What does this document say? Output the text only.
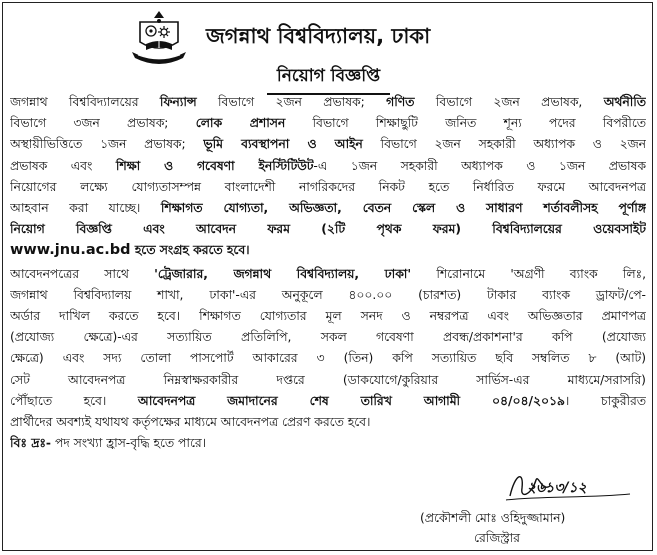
জগন্নাথ বিশ্ববিদ্যালয়, ঢাকা
নিয়োগ বিজ্ঞপ্তি
জগন্নাথ বিশ্ববিদ্যালয়ের ফিন্যান্স বিভাগে ২জন প্রভাষক; গণিত বিভাগে ২জন প্রভাষক, অর্থনীতি
বিভাগে ৩জন প্রভাষক; লোক প্রশাসন বিভাগে শিক্ষাছুটি জনিত শূন্য পদের বিপরীতে
অস্থায়ীভিত্তিতে ১জন প্রভাষক; ভূমি ব্যবস্থাপনা ও আইন বিভাগে ২জন সহকারী অধ্যাপক ও ২জন
প্রভাষক এবং শিক্ষা ও গবেষণা ইনস্টিটিউট-এ ১জন সহকারী অধ্যাপক ও ১জন প্রভাষক
নিয়োগের লক্ষ্যে যোগ্যতাসম্পন্ন বাংলাদেশী নাগরিকদের নিকট হতে নির্ধারিত ফরমে আবেদনপত্র
আহবান করা যাচ্ছে। শিক্ষাগত যোগ্যতা, অভিজ্ঞতা, বেতন স্কেল ও সাধারণ শর্তাবলীসহ পূর্ণাঙ্গ
নিয়োগ বিজ্ঞপ্তি এবং আবেদন ফরম (২টি পৃথক ফরম) বিশ্ববিদ্যালয়ের ওয়েবসাইট
www.jnu.ac.bd হতে সংগ্রহ করতে হবে।
আবেদনপত্রের সাথে 'ট্রেজারার, জগন্নাথ বিশ্ববিদ্যালয়, ঢাকা' শিরোনামে 'অগ্রণী ব্যাংক লিঃ,
জগন্নাথ বিশ্ববিদ্যালয় শাখা, ঢাকা'-এর অনুকূলে ৪০০.০০ (চারশত) টাকার ব্যাংক ড্রাফট/পে-
অর্ডার দাখিল করতে হবে। শিক্ষাগত যোগ্যতার মূল সনদ ও নম্বরপত্র এবং অভিজ্ঞতার প্রমাণপত্র
(প্রযোজ্য ক্ষেত্রে)-এর সত্যায়িত প্রতিলিপি, সকল গবেষণা প্রবন্ধ/প্রকাশনা'র কপি (প্রযোজ্য
ক্ষেত্রে) এবং সদ্য তোলা পাসপোর্ট আকারের ৩ (তিন) কপি সত্যায়িত ছবি সম্বলিত ৮ (আট)
সেট আবেদনপত্র নিম্নস্বাক্ষরকারীর দপ্তরে (ডাকযোগে/কুরিয়ার সার্ভিস-এর মাধ্যমে/সরাসরি)
পৌঁছাতে হবে। আবেদনপত্র জমাদানের শেষ তারিখ আগামী ০৪/০৪/২০১৯। চাকুরীরত
প্রার্থীদের অবশ্যই যথাযথ কর্তৃপক্ষের মাধ্যমে আবেদনপত্র প্রেরণ করতে হবে।
বিঃ দ্রঃ- পদ সংখ্যা হ্রাস-বৃদ্ধি হতে পারে।
২৬১৩/১২
(প্রকৌশলী মোঃ ওহিদুজ্জামান)
রেজিস্ট্রার
